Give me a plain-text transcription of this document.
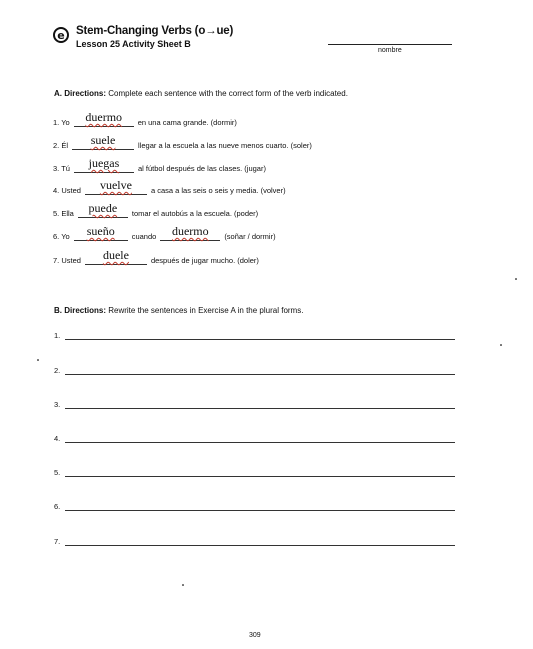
e Stem-Changing Verbs (o→ue)
Lesson 25 Activity Sheet B
nombre
A. Directions: Complete each sentence with the correct form of the verb indicated.
1. Yo	duermo	en una cama grande. (dormir)
2. Él	suele	llegar a la escuela a las nueve menos cuarto. (soler)
3. Tú	juegas	al fútbol después de las clases. (jugar)
4. Usted	vuelve	a casa a las seis o seis y media. (volver)
5. Ella	puede	tomar el autobús a la escuela. (poder)
6. Yo	sueño	cuando	duermo	(soñar / dormir)
7. Usted	duele	después de jugar mucho. (doler)
B. Directions: Rewrite the sentences in Exercise A in the plural forms.
1.
2.
3.
4.
5.
6.
7.
309
